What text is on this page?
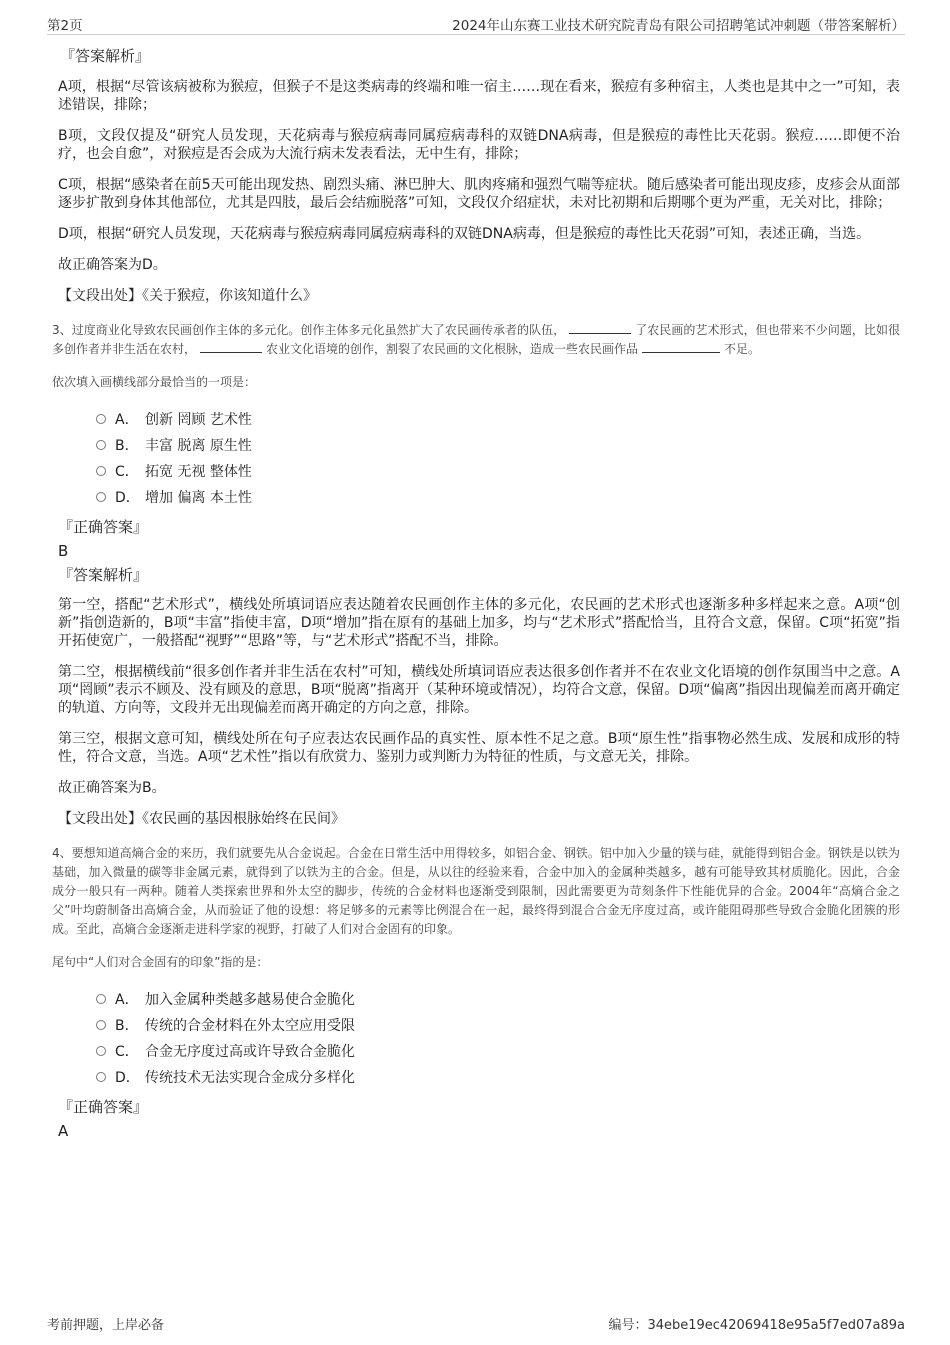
第2页	2024年山东赛工业技术研究院青岛有限公司招聘笔试冲刺题（带答案解析）
『答案解析』
A项，根据“尽管该病被称为猴痘，但猴子不是这类病毒的终端和唯一宿主……现在看来，猴痘有多种宿主，人类也是其中之一”可知，表述错误，排除；
B项，文段仅提及“研究人员发现，天花病毒与猴痘病毒同属痘病毒科的双链DNA病毒，但是猴痘的毒性比天花弱。猴痘……即便不治疗，也会自愈”，对猴痘是否会成为大流行病未发表看法，无中生有，排除；
C项，根据“感染者在前5天可能出现发热、剧烈头痛、淋巴肿大、肌肉疼痛和强烈气喘等症状。随后感染者可能出现皮疹，皮疹会从面部逐步扩散到身体其他部位，尤其是四肢，最后会结痂脱落”可知，文段仅介绍症状，未对比初期和后期哪个更为严重，无关对比，排除；
D项，根据“研究人员发现，天花病毒与猴痘病毒同属痘病毒科的双链DNA病毒，但是猴痘的毒性比天花弱”可知，表述正确，当选。
故正确答案为D。
【文段出处】《关于猴痘，你该知道什么》
3、过度商业化导致农民画创作主体的多元化。创作主体多元化虽然扩大了农民画传承者的队伍，	了农民画的艺术形式，但也带来不少问题，比如很多创作者并非生活在农村，	农业文化语境的创作，割裂了农民画的文化根脉，造成一些农民画作品	不足。
依次填入画横线部分最恰当的一项是：
A． 创新 罔顾 艺术性
B． 丰富 脱离 原生性
C． 拓宽 无视 整体性
D． 增加 偏离 本土性
『正确答案』
B
『答案解析』
第一空，搭配“艺术形式”，横线处所填词语应表达随着农民画创作主体的多元化，农民画的艺术形式也逐渐多种多样起来之意。A项“创新”指创造新的，B项“丰富”指使丰富，D项“增加”指在原有的基础上加多，均与“艺术形式”搭配恰当，且符合文意，保留。C项“拓宽”指开拓使宽广，一般搭配“视野”“思路”等，与“艺术形式”搭配不当，排除。
第二空，根据横线前“很多创作者并非生活在农村”可知，横线处所填词语应表达很多创作者并不在农业文化语境的创作氛围当中之意。A项“罔顾”表示不顾及、没有顾及的意思，B项“脱离”指离开（某种环境或情况），均符合文意，保留。D项“偏离”指因出现偏差而离开确定的轨道、方向等，文段并无出现偏差而离开确定的方向之意，排除。
第三空，根据文意可知，横线处所在句子应表达农民画作品的真实性、原本性不足之意。B项“原生性”指事物必然生成、发展和成形的特性，符合文意，当选。A项“艺术性”指以有欣赏力、鉴别力或判断力为特征的性质，与文意无关，排除。
故正确答案为B。
【文段出处】《农民画的基因根脉始终在民间》
4、要想知道高熵合金的来历，我们就要先从合金说起。合金在日常生活中用得较多，如铝合金、钢铁。铝中加入少量的镁与硅，就能得到铝合金。钢铁是以铁为基础，加入微量的碳等非金属元素，就得到了以铁为主的合金。但是，从以往的经验来看，合金中加入的金属种类越多，越有可能导致其材质脆化。因此，合金成分一般只有一两种。随着人类探索世界和外太空的脚步，传统的合金材料也逐渐受到限制，因此需要更为苛刻条件下性能优异的合金。2004年“高熵合金之父”叶均蔚制备出高熵合金，从而验证了他的设想：将足够多的元素等比例混合在一起，最终得到混合合金无序度过高，或许能阻碍那些导致合金脆化团簇的形成。至此，高熵合金逐渐走进科学家的视野，打破了人们对合金固有的印象。
尾句中“人们对合金固有的印象”指的是：
A． 加入金属种类越多越易使合金脆化
B． 传统的合金材料在外太空应用受限
C． 合金无序度过高或许导致合金脆化
D． 传统技术无法实现合金成分多样化
『正确答案』
A
考前押题，上岸必备	编号：34ebe19ec42069418e95a5f7ed07a89a
